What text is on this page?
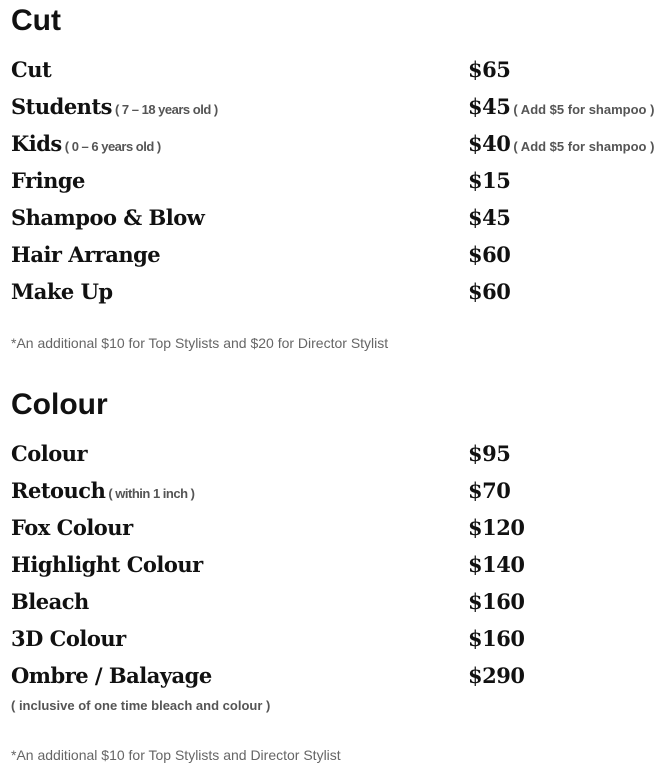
Cut
Cut	$65
Students ( 7 – 18 years old )	$45 ( Add $5 for shampoo )
Kids ( 0 – 6 years old )	$40 ( Add $5 for shampoo )
Fringe	$15
Shampoo & Blow	$45
Hair Arrange	$60
Make Up	$60
*An additional $10 for Top Stylists and $20 for Director Stylist
Colour
Colour	$95
Retouch ( within 1 inch )	$70
Fox Colour	$120
Highlight Colour	$140
Bleach	$160
3D Colour	$160
Ombre / Balayage	$290
( inclusive of one time bleach and colour )
*An additional $10 for Top Stylists and Director Stylist
